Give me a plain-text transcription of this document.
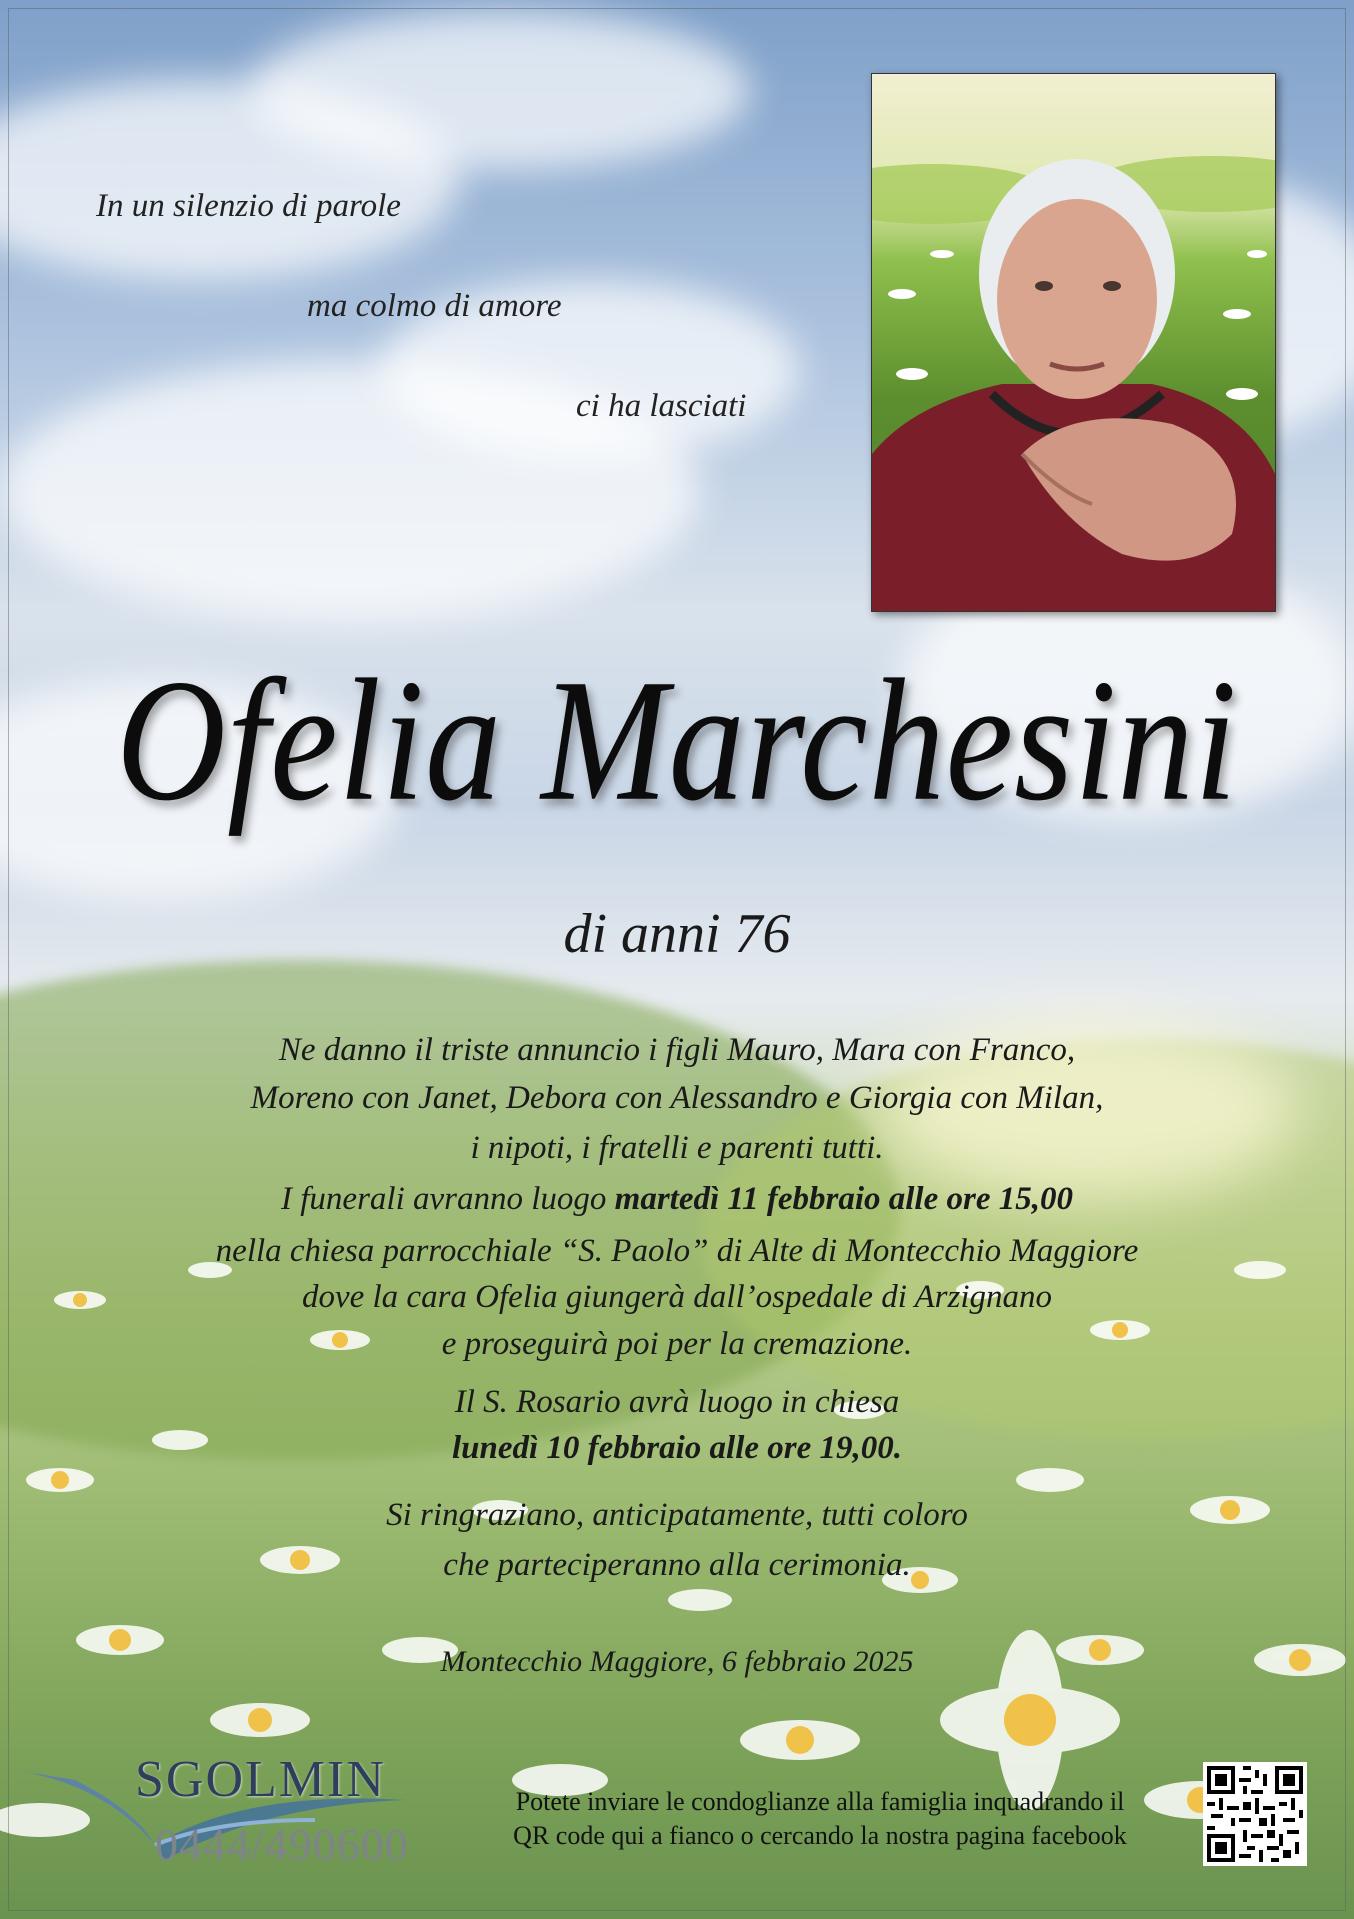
In un silenzio di parole
ma colmo di amore
ci ha lasciati
Ofelia Marchesini
di anni 76
Ne danno il triste annuncio i figli Mauro, Mara con Franco,
Moreno con Janet, Debora con Alessandro e Giorgia con Milan,
i nipoti, i fratelli e parenti tutti.
I funerali avranno luogo martedì 11 febbraio alle ore 15,00
nella chiesa parrocchiale “S. Paolo” di Alte di Montecchio Maggiore
dove la cara Ofelia giungerà dall’ospedale di Arzignano
e proseguirà poi per la cremazione.
Il S. Rosario avrà luogo in chiesa
lunedì 10 febbraio alle ore 19,00.
Si ringraziano, anticipatamente, tutti coloro
che parteciperanno alla cerimonia.
Montecchio Maggiore, 6 febbraio 2025
SGOLMIN
0444/490600
Potete inviare le condoglianze alla famiglia inquadrando il
QR code qui a fianco o cercando la nostra pagina facebook
